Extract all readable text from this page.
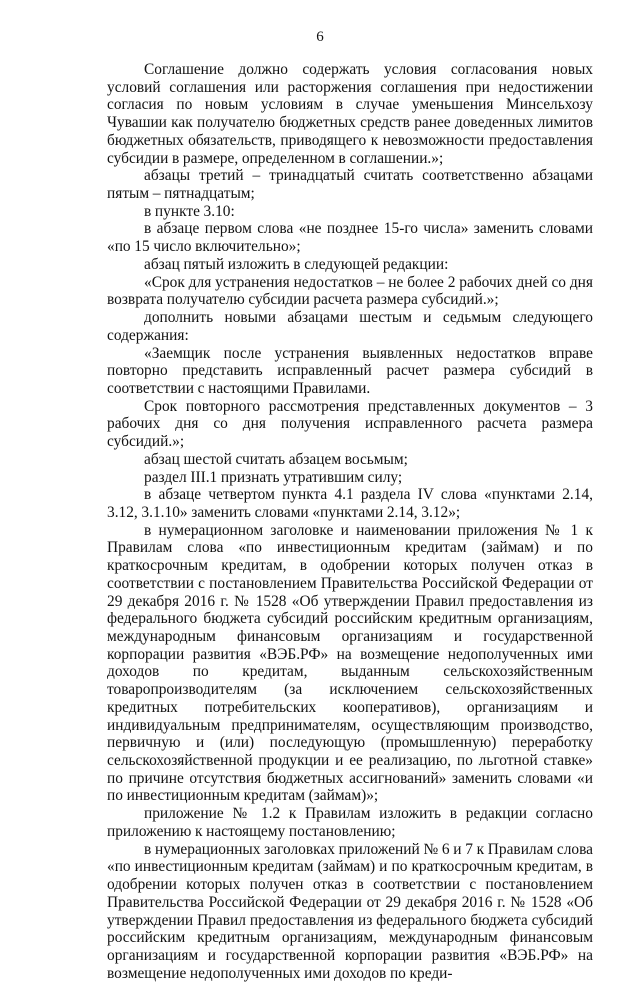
6

Соглашение должно содержать условия согласования новых условий соглашения или расторжения соглашения при недостижении согласия по новым условиям в случае уменьшения Минсельхозу Чувашии как получателю бюджетных средств ранее доведенных лимитов бюджетных обязательств, приводящего к невозможности предоставления субсидии в размере, определенном в соглашении.»;

абзацы третий – тринадцатый считать соответственно абзацами пятым – пятнадцатым;

в пункте 3.10:

в абзаце первом слова «не позднее 15-го числа» заменить словами «по 15 число включительно»;

абзац пятый изложить в следующей редакции:

«Срок для устранения недостатков – не более 2 рабочих дней со дня возврата получателю субсидии расчета размера субсидий.»;

дополнить новыми абзацами шестым и седьмым следующего содержания:

«Заемщик после устранения выявленных недостатков вправе повторно представить исправленный расчет размера субсидий в соответствии с настоящими Правилами.

Срок повторного рассмотрения представленных документов – 3 рабочих дня со дня получения исправленного расчета размера субсидий.»;

абзац шестой считать абзацем восьмым;

раздел III.1 признать утратившим силу;

в абзаце четвертом пункта 4.1 раздела IV слова «пунктами 2.14, 3.12, 3.1.10» заменить словами «пунктами 2.14, 3.12»;

в нумерационном заголовке и наименовании приложения № 1 к Правилам слова «по инвестиционным кредитам (займам) и по краткосрочным кредитам, в одобрении которых получен отказ в соответствии с постановлением Правительства Российской Федерации от 29 декабря 2016 г. № 1528 «Об утверждении Правил предоставления из федерального бюджета субсидий российским кредитным организациям, международным финансовым организациям и государственной корпорации развития «ВЭБ.РФ» на возмещение недополученных ими доходов по кредитам, выданным сельскохозяйственным товаропроизводителям (за исключением сельскохозяйственных кредитных потребительских кооперативов), организациям и индивидуальным предпринимателям, осуществляющим производство, первичную и (или) последующую (промышленную) переработку сельскохозяйственной продукции и ее реализацию, по льготной ставке» по причине отсутствия бюджетных ассигнований» заменить словами «и по инвестиционным кредитам (займам)»;

приложение № 1.2 к Правилам изложить в редакции согласно приложению к настоящему постановлению;

в нумерационных заголовках приложений № 6 и 7 к Правилам слова «по инвестиционным кредитам (займам) и по краткосрочным кредитам, в одобрении которых получен отказ в соответствии с постановлением Правительства Российской Федерации от 29 декабря 2016 г. № 1528 «Об утверждении Правил предоставления из федерального бюджета субсидий российским кредитным организациям, международным финансовым организациям и государственной корпорации развития «ВЭБ.РФ» на возмещение недополученных ими доходов по креди-
